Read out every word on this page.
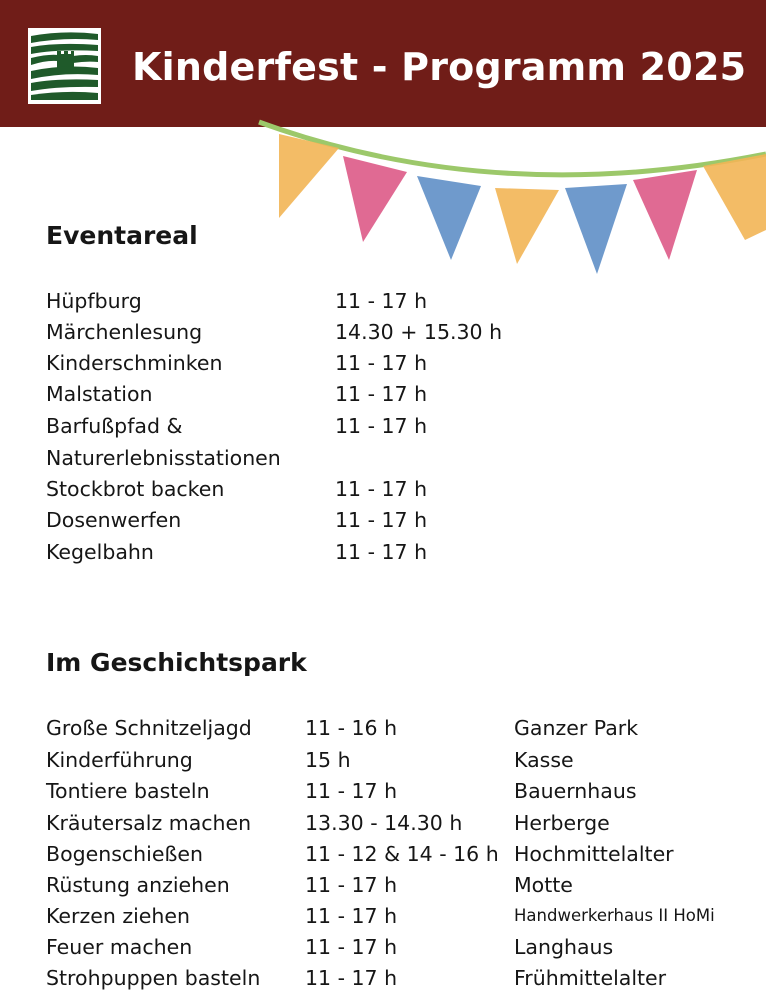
Kinderfest - Programm 2025
Eventareal
Hüpfburg	11 - 17 h
Märchenlesung	14.30 + 15.30 h
Kinderschminken	11 - 17 h
Malstation	11 - 17 h
Barfußpfad &	11 - 17 h
Naturerlebnisstationen
Stockbrot backen	11 - 17 h
Dosenwerfen	11 - 17 h
Kegelbahn	11 - 17 h
Im Geschichtspark
Große Schnitzeljagd	11 - 16 h	Ganzer Park
Kinderführung	15 h	Kasse
Tontiere basteln	11 - 17 h	Bauernhaus
Kräutersalz machen	13.30 - 14.30 h	Herberge
Bogenschießen	11 - 12 & 14 - 16 h Hochmittelalter
Rüstung anziehen	11 - 17 h	Motte
Kerzen ziehen	11 - 17 h	Handwerkerhaus II HoMi
Feuer machen	11 - 17 h	Langhaus
Strohpuppen basteln 11 - 17 h	Frühmittelalter
